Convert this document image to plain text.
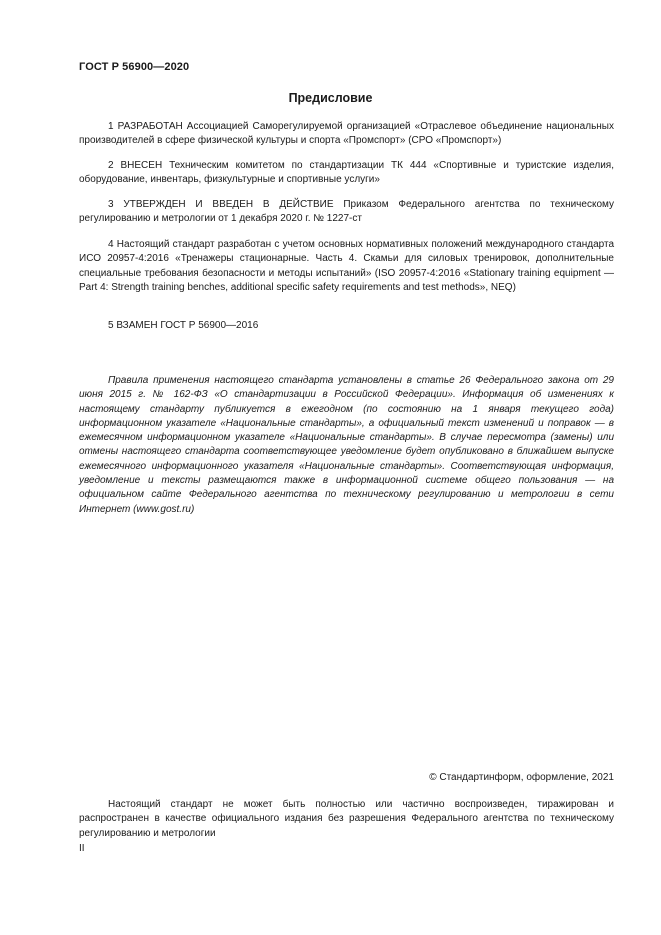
ГОСТ Р 56900—2020
Предисловие

1 РАЗРАБОТАН Ассоциацией Саморегулируемой организацией «Отраслевое объединение национальных производителей в сфере физической культуры и спорта «Промспорт» (СРО «Промспорт»)

2 ВНЕСЕН Техническим комитетом по стандартизации ТК 444 «Спортивные и туристские изделия, оборудование, инвентарь, физкультурные и спортивные услуги»

3 УТВЕРЖДЕН И ВВЕДЕН В ДЕЙСТВИЕ Приказом Федерального агентства по техническому регулированию и метрологии от 1 декабря 2020 г. № 1227-ст

4 Настоящий стандарт разработан с учетом основных нормативных положений международного стандарта ИСО 20957-4:2016 «Тренажеры стационарные. Часть 4. Скамьи для силовых тренировок, дополнительные специальные требования безопасности и методы испытаний» (ISO 20957-4:2016 «Stationary training equipment — Part 4: Strength training benches, additional specific safety requirements and test methods», NEQ)

5 ВЗАМЕН ГОСТ Р 56900—2016

Правила применения настоящего стандарта установлены в статье 26 Федерального закона от 29 июня 2015 г. № 162-ФЗ «О стандартизации в Российской Федерации». Информация об изменениях к настоящему стандарту публикуется в ежегодном (по состоянию на 1 января текущего года) информационном указателе «Национальные стандарты», а официальный текст изменений и поправок — в ежемесячном информационном указателе «Национальные стандарты». В случае пересмотра (замены) или отмены настоящего стандарта соответствующее уведомление будет опубликовано в ближайшем выпуске ежемесячного информационного указателя «Национальные стандарты». Соответствующая информация, уведомление и тексты размещаются также в информационной системе общего пользования — на официальном сайте Федерального агентства по техническому регулированию и метрологии в сети Интернет (www.gost.ru)

© Стандартинформ, оформление, 2021

Настоящий стандарт не может быть полностью или частично воспроизведен, тиражирован и распространен в качестве официального издания без разрешения Федерального агентства по техническому регулированию и метрологии

II
